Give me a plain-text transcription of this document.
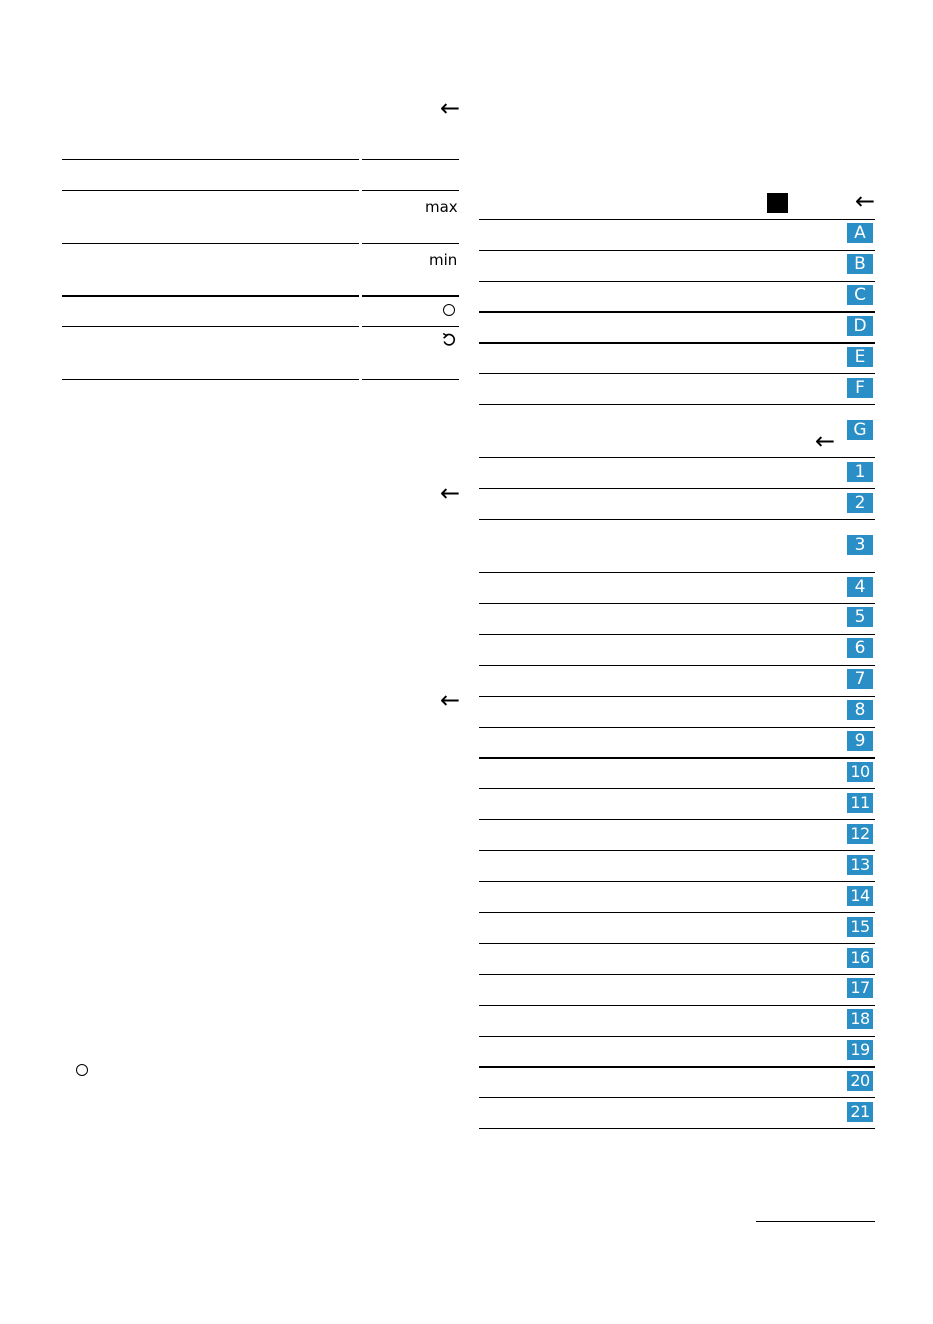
←
←
←
←
←
max
min
A
B
C
D
E
F
G
1
2
3
4
5
6
7
8
9
10
11
12
13
14
15
16
17
18
19
20
21
